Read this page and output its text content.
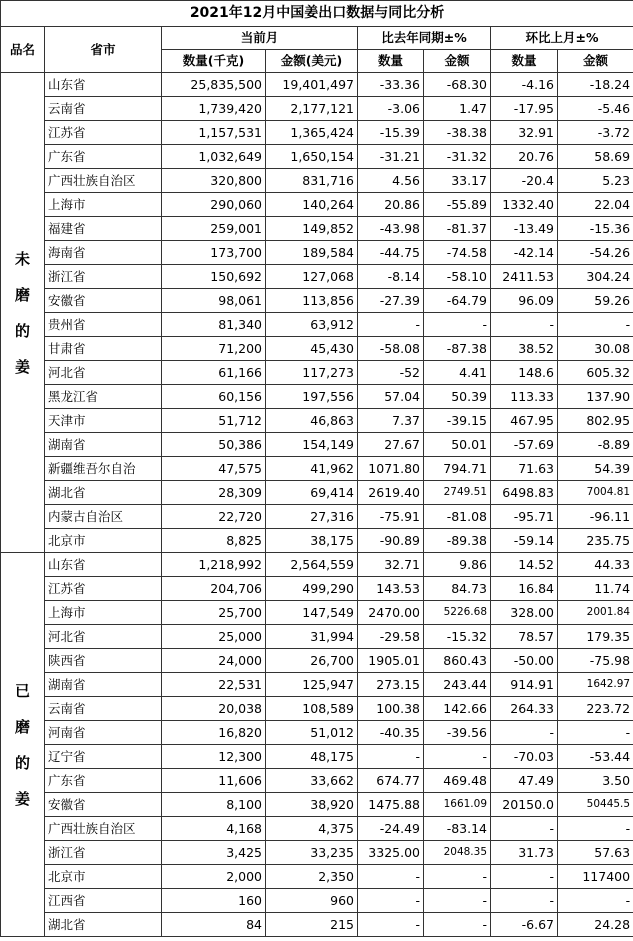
2021年12月中国姜出口数据与同比分析							
品名	省市	当前月		比去年同期±%		环比上月±%	
		数量(千克)	金额(美元)	数量	金额	数量	金额

未
磨
的
姜	山东省	25,835,500	19,401,497	-33.36	-68.30	-4.16	-18.24
	云南省	1,739,420	2,177,121	-3.06	1.47	-17.95	-5.46
	江苏省	1,157,531	1,365,424	-15.39	-38.38	32.91	-3.72
	广东省	1,032,649	1,650,154	-31.21	-31.32	20.76	58.69
	广西壮族自治区	320,800	831,716	4.56	33.17	-20.4	5.23
	上海市	290,060	140,264	20.86	-55.89	1332.40	22.04
	福建省	259,001	149,852	-43.98	-81.37	-13.49	-15.36
	海南省	173,700	189,584	-44.75	-74.58	-42.14	-54.26
	浙江省	150,692	127,068	-8.14	-58.10	2411.53	304.24
	安徽省	98,061	113,856	-27.39	-64.79	96.09	59.26
	贵州省	81,340	63,912	-	-	-	-
	甘肃省	71,200	45,430	-58.08	-87.38	38.52	30.08
	河北省	61,166	117,273	-52	4.41	148.6	605.32
	黑龙江省	60,156	197,556	57.04	50.39	113.33	137.90
	天津市	51,712	46,863	7.37	-39.15	467.95	802.95
	湖南省	50,386	154,149	27.67	50.01	-57.69	-8.89
	新疆维吾尔自治	47,575	41,962	1071.80	794.71	71.63	54.39
	湖北省	28,309	69,414	2619.40	2749.51	6498.83	7004.81
	内蒙古自治区	22,720	27,316	-75.91	-81.08	-95.71	-96.11
	北京市	8,825	38,175	-90.89	-89.38	-59.14	235.75

已
磨
的
姜	山东省	1,218,992	2,564,559	32.71	9.86	14.52	44.33
	江苏省	204,706	499,290	143.53	84.73	16.84	11.74
	上海市	25,700	147,549	2470.00	5226.68	328.00	2001.84
	河北省	25,000	31,994	-29.58	-15.32	78.57	179.35
	陕西省	24,000	26,700	1905.01	860.43	-50.00	-75.98
	湖南省	22,531	125,947	273.15	243.44	914.91	1642.97
	云南省	20,038	108,589	100.38	142.66	264.33	223.72
	河南省	16,820	51,012	-40.35	-39.56	-	-
	辽宁省	12,300	48,175	-	-	-70.03	-53.44
	广东省	11,606	33,662	674.77	469.48	47.49	3.50
	安徽省	8,100	38,920	1475.88	1661.09	20150.0	50445.5
	广西壮族自治区	4,168	4,375	-24.49	-83.14	-	-
	浙江省	3,425	33,235	3325.00	2048.35	31.73	57.63
	北京市	2,000	2,350	-	-	-	117400
	江西省	160	960	-	-	-	-
	湖北省	84	215	-	-	-6.67	24.28
